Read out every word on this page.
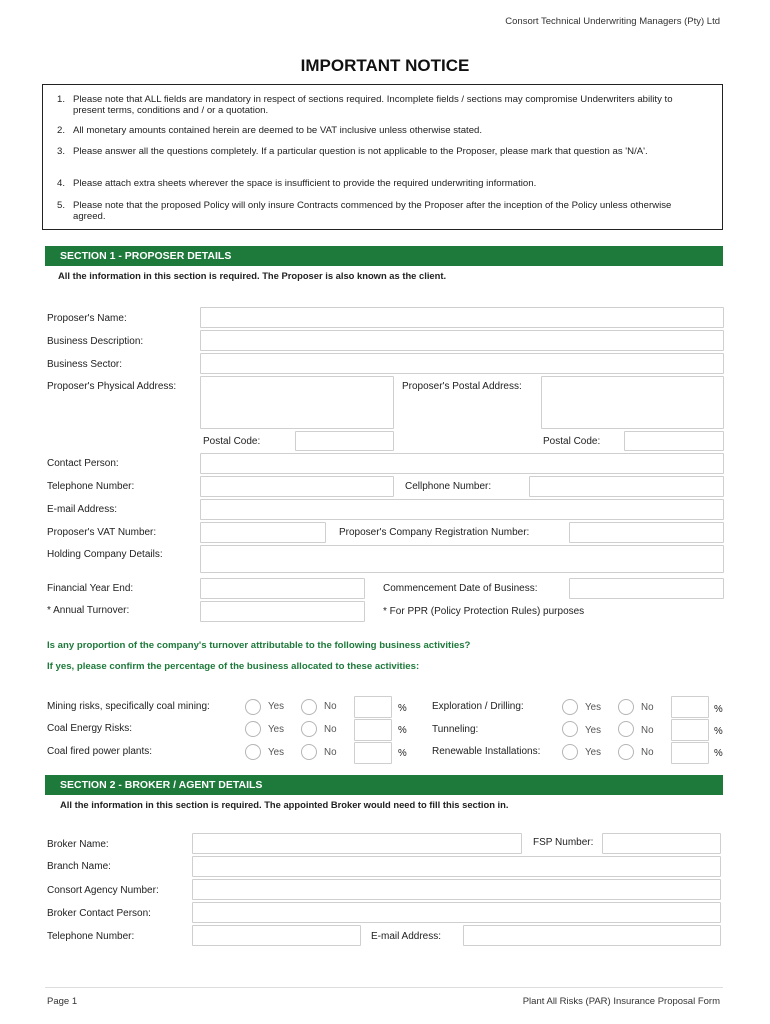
Consort Technical Underwriting Managers (Pty) Ltd
IMPORTANT NOTICE
1. Please note that ALL fields are mandatory in respect of sections required. Incomplete fields / sections may compromise Underwriters ability to present terms, conditions and / or a quotation.
2. All monetary amounts contained herein are deemed to be VAT inclusive unless otherwise stated.
3. Please answer all the questions completely. If a particular question is not applicable to the Proposer, please mark that question as 'N/A'.
4. Please attach extra sheets wherever the space is insufficient to provide the required underwriting information.
5. Please note that the proposed Policy will only insure Contracts commenced by the Proposer after the inception of the Policy unless otherwise agreed.
SECTION 1 - PROPOSER DETAILS
All the information in this section is required. The Proposer is also known as the client.
Proposer's Name:
Business Description:
Business Sector:
Proposer's Physical Address:	Proposer's Postal Address:
Postal Code:	Postal Code:
Contact Person:
Telephone Number:	Cellphone Number:
E-mail Address:
Proposer's VAT Number:	Proposer's Company Registration Number:
Holding Company Details:
Financial Year End:	Commencement Date of Business:
* Annual Turnover:	* For PPR (Policy Protection Rules) purposes
Is any proportion of the company's turnover attributable to the following business activities?
If yes, please confirm the percentage of the business allocated to these activities:
Mining risks, specifically coal mining:	Yes	No	%
Coal Energy Risks:	Yes	No	%
Coal fired power plants:	Yes	No	%
Exploration / Drilling:	Yes	No	%
Tunneling:	Yes	No	%
Renewable Installations:	Yes	No	%
SECTION 2 - BROKER / AGENT DETAILS
All the information in this section is required. The appointed Broker would need to fill this section in.
Broker Name:	FSP Number:
Branch Name:
Consort Agency Number:
Broker Contact Person:
Telephone Number:	E-mail Address:
Page 1	Plant All Risks (PAR) Insurance Proposal Form
